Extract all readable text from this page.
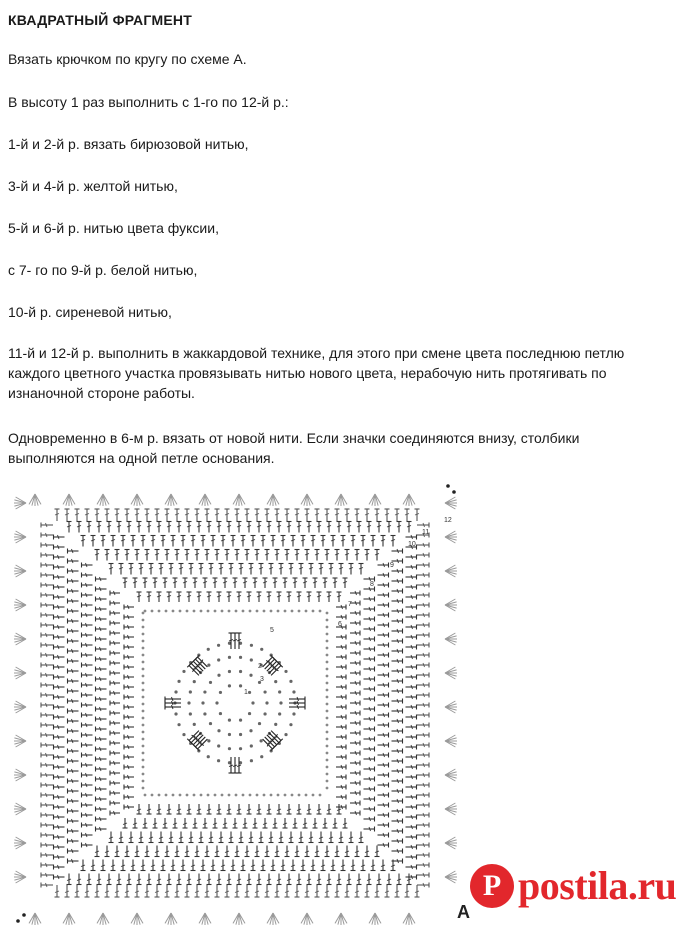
КВАДРАТНЫЙ ФРАГМЕНТ
Вязать крючком по кругу по схеме А.
В высоту 1 раз выполнить с 1-го по 12-й р.:
1-й и 2-й р. вязать бирюзовой нитью,
3-й и 4-й р. желтой нитью,
5-й и 6-й р. нитью цвета фуксии,
с 7- го по 9-й р. белой нитью,
10-й р. сиреневой нитью,
11-й и 12-й р. выполнить в жаккардовой технике, для этого при смене цвета последнюю петлю каждого цветного участка провязывать нитью нового цвета, нерабочую нить протягивать по изнаночной стороне работы.
Одновременно в 6-м р. вязать от новой нити. Если значки соединяются внизу, столбики выполняются на одной петле основания.
1
2
3
5
6
7
8
9
10
11
12
A
P postila.ru
